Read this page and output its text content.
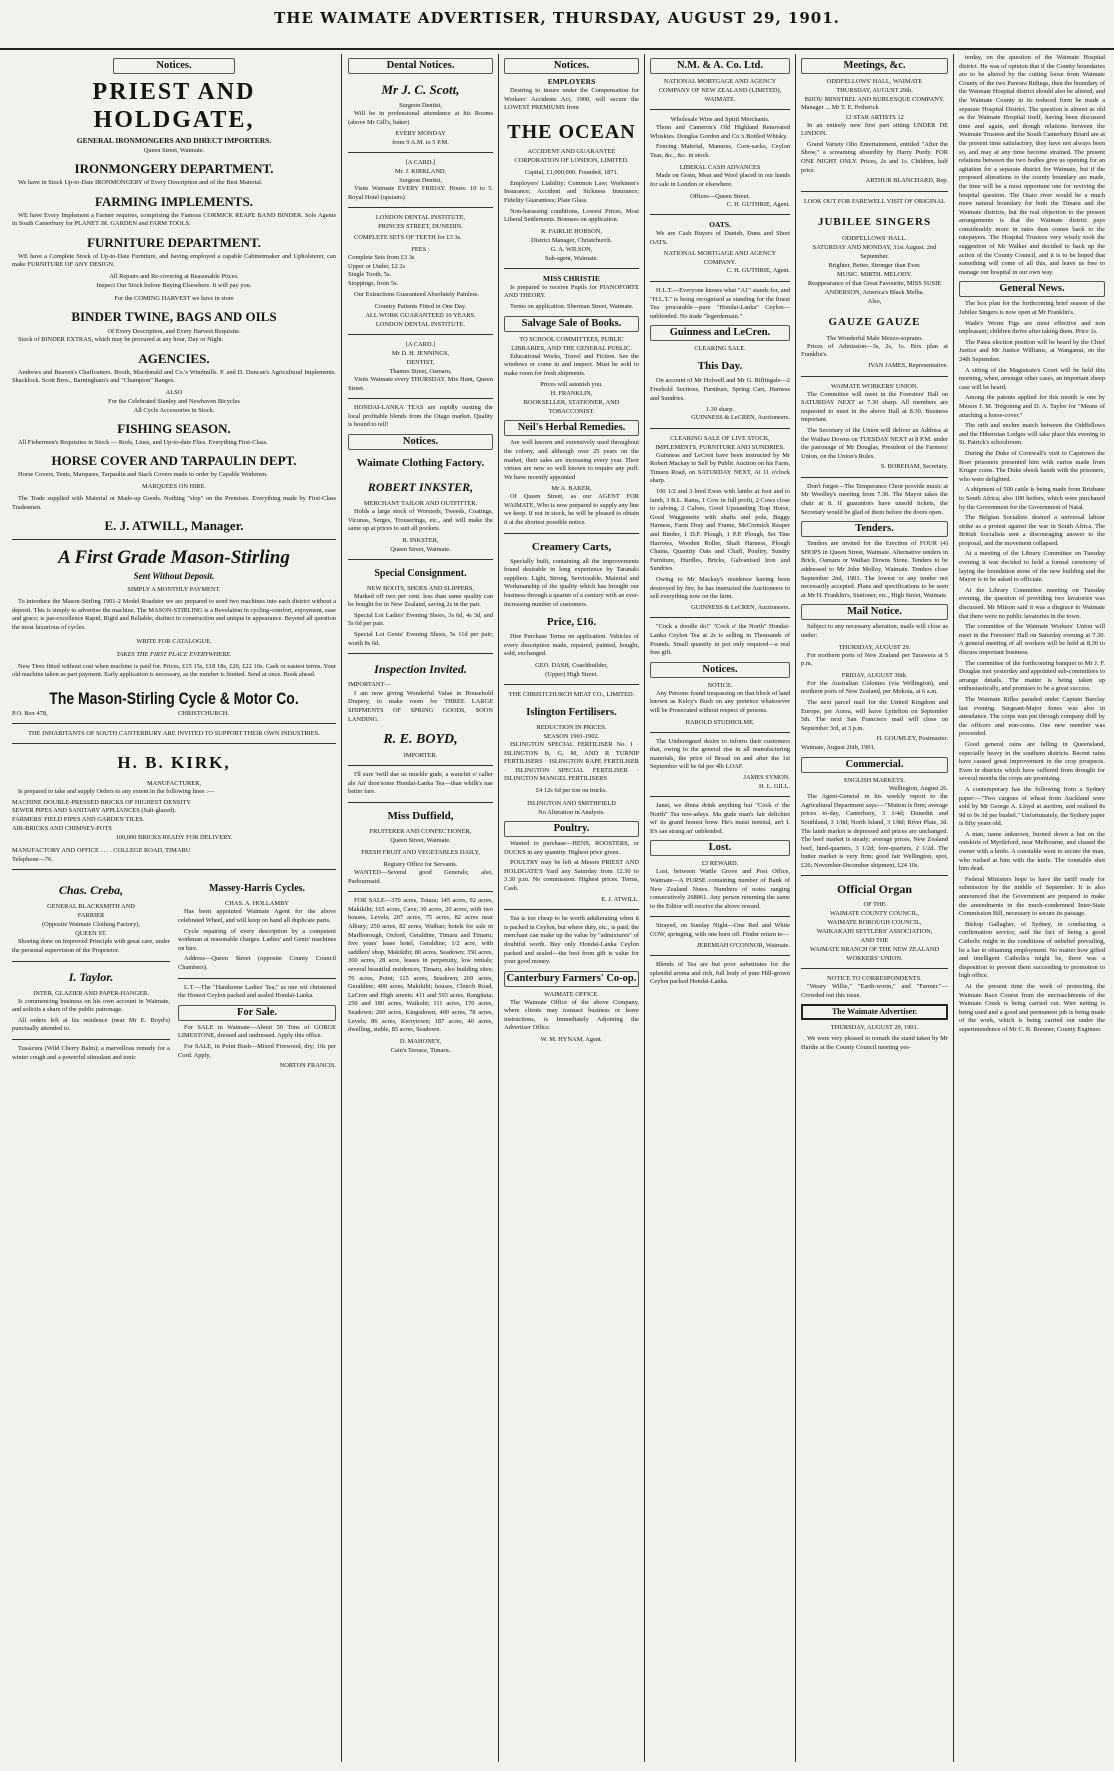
THE WAIMATE ADVERTISER, THURSDAY, AUGUST 29, 1901.
Notices.
PRIEST AND HOLDGATE,
GENERAL IRONMONGERS AND DIRECT IMPORTERS.
Queen Street, Waimate.
IRONMONGERY DEPARTMENT.
We have in Stock Up-to-Date IRONMONGERY of Every Description and of the Best Material.
FARMING IMPLEMENTS.
WE have Every Implement a Farmer requires, comprising the Famous CORMICK REAPE BAND BINDER. Sole Agents in South Canterbury for PLANET JR. GARDEN and FARM TOOLS.
FURNITURE DEPARTMENT.
WE have a Complete Stock of Up-to-Date Furniture, and having employed a capable Cabinetmaker and Upholsterer, can make FURNITURE OF ANY DESIGN.
All Repairs and Re-covering at Reasonable Prices.
Inspect Our Stock before Buying Elsewhere. It will pay you.
For the COMING HARVEST we have in store
BINDER TWINE, BAGS AND OILS
Of Every Description, and Every Harvest Requisite.
Stock of BINDER EXTRAS, which may be procured at any hour, Day or Night.
AGENCIES.
Andrews and Beaven's Chaffcutters. Booth, Macdonald and Co.'s Windmills. P. and D. Duncan's Agricultural Implements. Shacklock. Scott Bros., Barningham's and "Champion" Ranges.
ALSO
For the Celebrated Stanley and Newhaven Bicycles
All Cycle Accessories in Stock.
FISHING SEASON.
All Fishermen's Requisites in Stock — Rods, Lines, and Up-to-date Flies. Everything First-Class.
HORSE COVER AND TARPAULIN DEPT.
Horse Covers, Tents, Marquees, Tarpaulin and Stack Covers made to order by Capable Workmen.
MARQUEES ON HIRE.
The Trade supplied with Material or Made-up Goods. Nothing "slop" on the Premises. Everything made by First-Class Tradesmen.
E. J. ATWILL, Manager.
A First Grade Mason-Stirling
Sent Without Deposit.
SIMPLY A MONTHLY PAYMENT.
To introduce the Mason-Stirling 1901-2 Model Roadster we are prepared to send two machines into each district without a deposit. This is simply to advertise the machine. The MASON-STIRLING is a Revelation in cycling-comfort, enjoyment, ease and grace; is par-excellence Rapid, Rigid and Reliable; distinct in construction and unique in appearance. Beyond all question the most luxurious of cycles.
WRITE FOR CATALOGUE.
TAKES THE FIRST PLACE EVERYWHERE.
New Tires fitted without cost when machine is paid for. Prices, £15 15s, £18 18s, £20, £22 10s. Cash or easiest terms. Your old machine taken as part payment. Early application is necessary, as the number is limited. Send at once. Book ahead.
The Mason-Stirling Cycle & Motor Co.
P.O. Box 478,	CHRISTCHURCH.
THE INHABITANTS OF SOUTH CANTERBURY ARE INVITED TO SUPPORT THEIR OWN INDUSTRIES.
H. B. KIRK,
MANUFACTURER,
Is prepared to take and supply Orders to any extent in the following lines :—
MACHINE DOUBLE-PRESSED BRICKS OF HIGHEST DENSITY.
SEWER PIPES AND SANITARY APPLIANCES (Salt-glazed).
FARMERS' FIELD PIPES AND GARDEN TILES.
AIR-BRICKS AND CHIMNEY-POTS
100,000 BRICKS READY FOR DELIVERY.
MANUFACTORY AND OFFICE . . . . COLLEGE ROAD, TIMARU
Telephone—76.
Chas. Creba,
GENERAL BLACKSMITH AND
FARRIER
(Opposite Waimate Clothing Factory),
QUEEN ST.
Shoeing done on Improved Principle with great care, under the personal supervision of the Proprietor.
I. Taylor.
INTER, GLAZIER AND PAPER-HANGER.
Is commencing business on his own account in Waimate, and solicits a share of the public patronage.
All orders left at his residence (near Mr E. Boyd's) punctually attended to.
Tussicura (Wild Cherry Balm); a marvellous remedy for a winter cough and a powerful stimulant and tonic
Massey-Harris Cycles.
CHAS. A. HOLLAMBY
Has been appointed Waimate Agent for the above celebrated Wheel, and will keep on hand all duplicate parts.
Cycle repairing of every description by a competent workman at reasonable charges. Ladies' and Gents' machines on hire.
Address—Queen Street (opposite County Council Chambers).
L.T.—The "Handsome Ladies' Tea," as one wit christened the Honest Ceylon packed and sealed Hondai-Lanka.
For Sale.
For SALE in Waimate—About 50 Tons of GORGE LIMESTONE, dressed and undressed. Apply this office.
For SALE, in Point Bush—Mixed Firewood, dry; 10s per Cord. Apply,
NORTON FRANCIS.
Dental Notices.
Mr J. C. Scott,
Surgeon Dentist,
Will be in professional attendance at his Rooms (above Mr Gill's, baker)
EVERY MONDAY
from 9 A.M. to 5 P.M.
[A CARD.]
Mr. J. KIRKLAND,
Surgeon Dentist,
Visits Waimate EVERY FRIDAY. Hours: 10 to 5. Royal Hotel (upstairs).
LONDON DENTAL INSTITUTE,
PRINCES STREET, DUNEDIN.
COMPLETE SETS OF TEETH for £3 3s.
FEES :
Complete Sets from £3 3s
Upper or Under, £2 2s
Single Tooth, 5s.
Stoppings, from 5s.
Our Extractions Guaranteed Absolutely Painless.
Country Patients Fitted in One Day.
ALL WORK GUARANTEED 10 YEARS.
LONDON DENTAL INSTITUTE.
[A CARD.]
Mr D. H. JENNINGS,
DENTIST,
Thames Street, Oamaru,
Visits Waimate every THURSDAY. Mrs Hunt, Queen Street.
HONDAI-LANKA TEAS are rapidly ousting the local profitable blends from the Otago market. Quality is bound to tell!
Notices.
Waimate Clothing Factory.
ROBERT INKSTER,
MERCHANT TAILOR AND OUTFITTER.
Holds a large stock of Worsteds, Tweeds, Coatings, Vicunas, Serges, Trouserings, etc., and will make the same up at prices to suit all pockets.
R. INKSTER,
Queen Street, Waimate.
Special Consignment.
NEW BOOTS, SHOES AND SLIPPERS,
Marked off two per cent. less than same quality can be bought for in New Zealand, saving 2s in the pair.
Special Lot Ladies' Evening Shoes, 3s 6d, 4s 3d, and 5s 6d per pair.
Special Lot Gents' Evening Shoes, 5s 11d per pair; worth 8s 6d.
Inspection Invited.
IMPORTANT—
I am now giving Wonderful Value in Household Drapery, to make room for THREE LARGE SHIPMENTS OF SPRING GOODS, SOON LANDING.
R. E. BOYD,
IMPORTER.
I'll sure 'twill dae us muckle gude, a wauchit o' caller ale An' thon'some Hondai-Lanka Tea—than whilk's nae better fare.
Miss Duffield,
FRUITERER AND CONFECTIONER,
Queen Street, Waimate.
FRESH FRUIT AND VEGETABLES DAILY,
Registry Office for Servants.
WANTED—Several good Generals; also, Parlourmaid.
FOR SALE—370 acres, Totara; 145 acres, 92 acres, Makikihi; 165 acres, Cave; 30 acres, 20 acres, with two houses, Levels; 207 acres, 75 acres, 82 acres near Albury; 250 acres, 82 acres, Waihao; hotels for sale in Marlborough, Oxford, Geraldine, Timaru and Timaru; five years' lease hotel, Geraldine; 1/2 acre, with saddlers' shop, Makikihi; 80 acres, Seadown; 350 acres, 360 acres, 28 acre, leases in perpetuity, low rentals; several beautiful residences, Timaru, also building sites; 76 acres, Point; 115 acres, Seadown; 269 acres, Geraldine; 400 acres, Makikihi; houses, Church Road, LeCren and High streets; 411 and 593 acres, Rangitata; 250 and 180 acres, Waikohi; 111 acres, 170 acres, Seadown; 260 acres, Kingsdown; 400 acres, 78 acres, Levels; 86 acres, Kerrytown; 187 acres, 40 acres, dwelling, stable, 85 acres, Seadown.
D. MAHONEY,
Cain's Terrace, Timaru.
Notices.
EMPLOYERS
Desiring to insure under the Compensation for Workers' Accidents Act, 1900, will secure the LOWEST PREMIUMS from
THE OCEAN
ACCIDENT AND GUARANTEE
CORPORATION OF LONDON, LIMITED.
Capital, £1,000,000. Founded, 1871.
Employers' Liability; Common Law; Workmen's Insurance; Accident and Sickness Insurance; Fidelity Guarantees; Plate Glass.
Non-harassing conditions, Lowest Prices, Most Liberal Settlements. Bonuses on application.
R. FAIRLIE HOBSON,
District Manager, Christchurch.
G. A. WILSON,
Sub-agent, Waimate.
MISS CHRISTIE
Is prepared to receive Pupils for PIANOFORTE AND THEORY.
Terms on application. Sherman Street, Waimate.
Salvage Sale of Books.
TO SCHOOL COMMITTEES, PUBLIC LIBRARIES, AND THE GENERAL PUBLIC.
Educational Works, Travel and Fiction. See the windows or come in and inspect. Must be sold to make room for fresh shipments.
Prices will astonish you.
H. FRANKLIN,
BOOKSELLER, STATIONER, AND TOBACCONIST.
Neil's Herbal Remedies.
Are well known and extensively used throughout the colony, and although over 25 years on the market, their sales are increasing every year. Their virtues are now so well known to require any puff. We have recently appointed
Mr A. BAKER,
Of Queen Street, as our AGENT FOR WAIMATE, Who is now prepared to supply any line we keep. If not in stock, he will be pleased to obtain it at the shortest possible notice.
Creamery Carts,
Specially built, containing all the improvements found desirable in long experience by Taranaki suppliers. Light, Strong, Serviceable. Material and Workmanship of the quality which has brought our business through a quarter of a century with an ever-increasing number of customers.
Price, £16.
Hire Purchase Terms on application. Vehicles of every description made, repaired, painted, bought, sold, exchanged.
GEO. DASH, Coachbuilder,
(Upper) High Street.
THE CHRISTCHURCH MEAT CO., LIMITED.
Islington Fertilisers.
REDUCTION IN PRICES.
SEASON 1901-1902.
ISLINGTON SPECIAL FERTILISER No. 1 · ISLINGTON B, G, M, AND R TURNIP FERTILISERS · ISLINGTON RAPE FERTILISER · ISLINGTON SPECIAL FERTILISER · ISLINGTON MANGEL FERTILISERS
£4 12s 6d per ton on trucks.
ISLINGTON AND SMITHFIELD
No Alteration in Analysis.
Poultry.
Wanted to purchase—HENS, ROOSTERS, or DUCKS in any quantity. Highest price given.
POULTRY may be left at Messrs PRIEST AND HOLDGATE'S Yard any Saturday from 12.30 to 3.30 p.m. No commission. Highest prices. Terms, Cash.
E. J. ATWILL.
Tea is too cheap to be worth adulterating when it is packed in Ceylon, but where duty, etc., is paid, the merchant can make up the value by "admixtures" of doubtful worth. Buy only Hondai-Lanka Ceylon packed and sealed—the best from gift is value for your good money.
Canterbury Farmers' Co-op.
WAIMATE OFFICE.
The Waimate Office of the above Company, where clients may transact business or leave instructions, is Immediately Adjoining the Advertiser Office.
W. M. HYNAM, Agent.
N.M. & A. Co. Ltd.
NATIONAL MORTGAGE AND AGENCY COMPANY OF NEW ZEALAND (LIMITED), WAIMATE.
Wholesale Wine and Spirit Merchants.
Thom and Cameron's Old Highland Renovated Whiskies. Douglas Gordon and Co.'s Bottled Whisky.
Fencing Material, Manures, Corn-sacks, Ceylon Teas, &c., &c. in stock.
LIBERAL CASH ADVANCES
Made on Grain, Meat and Wool placed in our hands for sale in London or elsewhere.
Offices—Queen Street.
C. H. GUTHRIE, Agent.
OATS.
We are Cash Buyers of Danish, Duns and Short OATS.
NATIONAL MORTGAGE AND AGENCY COMPANY.
C. H. GUTHRIE, Agent.
H.L.T.—Everyone knows what "A1" stands for, and "H.L.T." is being recognised as standing for the finest Tea procurable—pure "Hondai-Lanka" Ceylon—unblended. No trade "legerdemain."
Guinness and LeCren.
CLEARING SALE.
This Day.
On account of Mr Holwell and Mr G. Riffingale—2 Freehold Sections, Furniture, Spring Cart, Harness and Sundries.
1.30 sharp.
GUINNESS & LeCREN, Auctioneers.
CLEARING SALE OF LIVE STOCK, IMPLEMENTS, FURNITURE AND SUNDRIES.
Guinness and LeCren have been instructed by Mr Robert Mackay to Sell by Public Auction on his Farm, Timaru Road, on SATURDAY NEXT, At 11 o'clock sharp.
100 1/2 and 3 bred Ewes with lambs at foot and to lamb, 3 B.L. Rams, 1 Cow in full profit, 2 Cows close to calving, 2 Calves, Good Upstanding Trap Horse, Good Waggonette with shafts and pole, Buggy Harness, Farm Dray and Frame, McCormick Reaper and Binder, 1 D.F. Plough, 1 P.P. Plough, Set Tine Harrows, Wooden Roller, Shaft Harness, Plough Chains, Quantity Oats and Chaff, Poultry, Sundry Furniture, Hurdles, Bricks, Galvanised Iron and Sundries.
Owing to Mr Mackay's residence having been destroyed by fire, he has instructed the Auctioneers to sell everything now on the farm.
GUINNESS & LeCREN, Auctioneers.
"Cock a doodle do!" "Cock o' the North" Hondai-Lanka Ceylon Tea at 2s is selling in Thousands of Pounds. Small quantity in pot only required—a real free gift.
Notices.
NOTICE.
Any Persons found trespassing on that block of land known as Kelcy's Bush on any pretence whatsoever will be Prosecuted without respect of persons.
HAROLD STUDHOLME.
The Undersigned desire to inform their customers that, owing to the general rise in all manufacturing materials, the price of Bread on and after the 1st September will be 6d per 4lb LOAF.
JAMES SYMON.
H. L. GILL.
Janet, we dinna drink anything but "Cock o' the North" Tea noo-adays. Ma gude man's fair delichtet wi' its grand honest brew. He's maist teetotal, an't I. It's sae strang an' unblended.
Lost.
£3 REWARD.
Lost, between Wattle Grove and Post Office, Waimate—A PURSE containing number of Bank of New Zealand Notes. Numbers of notes ranging consecutively 268861. Any person returning the same to the Editor will receive the above reward.
Strayed, on Sunday Night—One Red and White COW, springing, with one horn off. Finder return to—
JEREMIAH O'CONNOR, Waimate.
Blends of Tea are but poor substitutes for the splendid aroma and rich, full body of pure Hill-grown Ceylon packed Hondai-Lanka.
Meetings, &c.
ODDFELLOWS' HALL, WAIMATE
THURSDAY, AUGUST 29th.
BIJOU MINSTREL AND BURLESQUE COMPANY.
Manager ... Mr T. E. Petherick
12 STAR ARTISTS 12
In an entirely new first part sitting UNDER DE LINDON.
Grand Variety Olio Entertainment, entitled "After the Show," a screaming absurdity by Harry Purdy. FOR ONE NIGHT ONLY. Prices, 2s and 1s. Children, half price.
ARTHUR BLANCHARD, Rep.
LOOK OUT FOR FAREWELL VISIT OF ORIGINAL
JUBILEE SINGERS
ODDFELLOWS' HALL.
SATURDAY AND MONDAY, 31st August. 2nd September.
Brighter, Better, Stronger than Ever.
MUSIC. MIRTH. MELODY.
Reappearance of that Great Favourite, MISS SUSIE ANDERSON, America's Black Melba.
Also,
GAUZE GAUZE
The Wonderful Male Mezzo-soprano.
Prices of Admission—3s, 2s, 1s. Box plan at Franklin's.
IVAN JAMES, Representative.
WAIMATE WORKERS' UNION.
The Committee will meet in the Foresters' Hall on SATURDAY NEXT at 7.30 sharp. All members are requested to meet in the above Hall at 8.30. Business important.
The Secretary of the Union will deliver an Address at the Waihao Downs on TUESDAY NEXT at 8 P.M. under the patronage of Mr Douglas, President of the Farmers' Union, on the Union's Rules.
S. BOREHAM, Secretary.
Don't forget—The Temperance Choir provide music at Mr Woolley's meeting from 7.30. The Mayor takes the chair at 8. If guarantors have unsold tickets, the Secretary would be glad of them before the doors open.
Tenders.
Tenders are invited for the Erection of FOUR (4) SHOPS in Queen Street, Waimate. Alternative tenders in Brick, Oamaru or Waihao Downs Stone. Tenders to be addressed to Mr John Molloy, Waimate. Tenders close September 2nd, 1901. The lowest or any tender not necessarily accepted. Plans and specifications to be seen at Mr H. Franklin's, Stationer, etc., High Street, Waimate.
Mail Notice.
Subject to any necessary alteration, mails will close as under:
THURSDAY, AUGUST 29.
For northern ports of New Zealand per Tarawera at 5 p.m.
FRIDAY, AUGUST 30th.
For the Australian Colonies (via Wellington), and northern ports of New Zealand, per Mokoia, at 6 a.m.
The next parcel mail for the United Kingdom and Europe, per Aorea, will leave Lyttelton on September 5th. The next San Francisco mail will close on September 3rd, at 3 p.m.
H. GOUMLEY, Postmaster.
Waimate, August 26th, 1901.
Commercial.
ENGLISH MARKETS.
Wellington, August 26.
The Agent-General in his weekly report to the Agricultural Department says:—"Mutton is firm; average prices to-day, Canterbury, 3 1/4d; Dunedin and Southland, 3 1/8d; North Island, 3 1/8d; River Plate, 3d. The lamb market is depressed and prices are unchanged. The beef market is steady; average prices, New Zealand beef, hind-quarters, 3 1/2d; fore-quarters, 2 1/2d. The butter market is very firm; good fair Wellington, spot, £26; November-December shipment, £24 10s.
Official Organ
OF THE
WAIMATE COUNTY COUNCIL,
WAIMATE BOROUGH COUNCIL,
WAIKAKAHI SETTLERS' ASSOCIATION,
AND THE
WAIMATE BRANCH OF THE NEW ZEALAND WORKERS' UNION.
NOTICE TO CORRESPONDENTS.
"Weary Willie," "Earth-worm," and "Farmer."—Crowded out this issue.
The Waimate Advertiser.
THURSDAY, AUGUST 29, 1901.
We were very pleased to remark the stand taken by Mr Hardie at the County Council meeting yes-
terday, on the question of the Waimate Hospital district. He was of opinion that if the County boundaries are to be altered by the cutting loose from Waimate County of the two Pareora Ridings, then the boundary of the Waimate Hospital district should also be altered, and the Waimate County in its reduced form be made a separate Hospital District. The question is almost as old as the Waimate Hospital itself, having been discussed time and again, and though relations between the Waimate Trustees and the South Canterbury Board are at the present time satisfactory, they have not always been so, and may at any time become strained. The present relations between the two bodies give us opening for an agitation for a separate district for Waimate, but if the proposed alterations to the county boundary are made, the time will be a most opportune one for reviving the hospital question. The Otaio river would be a much more natural boundary for both the Timaru and the Waimate districts, but the real objection to the present arrangements is that the Waimate district pays considerably more in rates than comes back to the ratepayers. The Hospital Trustees very wisely took the suggestion of Mr Walker and decided to back up the action of the County Council, and it is to be hoped that something will come of all this, and leave us free to manage our hospital in our own way.
General News.
The box plan for the forthcoming brief season of the Jubilee Singers is now open at Mr Franklin's.
Wade's Worm Figs are most effective and non unpleasant; children thrive after taking them. Price 1s.
The Patea election position will be heard by the Chief Justice and Mr Justice Williams, at Wanganui, on the 24th September.
A sitting of the Magistrate's Court will be held this morning, when, amongst other cases, an important sheep case will be heard.
Among the patents applied for this month is one by Messrs J. M. Tregoning and D. A. Taylor for "Means of attaching a horse-cover."
The orth and enchre match between the Oddfellows and the Hibernian Lodges will take place this evening in St. Patrick's schoolroom.
During the Duke of Cornwall's visit to Capetown the Boer prisoners presented him with curios made from Kruger coins. The Duke shook hands with the prisoners, who were delighted.
A shipment of 500 cattle is being made from Brisbane to South Africa; also 100 heifers, which were purchased by the Government for the Government of Natal.
The Belgian Socialists desired a universal labour strike as a protest against the war in South Africa. The British Socialists sent a discouraging answer to the proposal, and the movement collapsed.
At a meeting of the Library Committee on Tuesday evening it was decided to hold a formal ceremony of laying the foundation stone of the new building and the Mayor is to be asked to officiate.
At the Library Committee meeting on Tuesday evening, the question of providing two lavatories was discussed. Mr Mitson said it was a disgrace to Waimate that there were no public lavatories in the town.
The committee of the Waimate Workers' Union will meet in the Foresters' Hall on Saturday evening at 7.30. A general meeting of all workers will be held at 8.30 to discuss important business.
The committee of the forthcoming banquet to Mr J. F. Douglas met yesterday and appointed sub-committees to arrange details. The matter is being taken up enthusiastically, and promises to be a great success.
The Waimate Rifles paraded under Captain Barclay last evening. Sergeant-Major Jones was also in attendance. The corps was put through company drill by the officers and non-coms. One new member was proceeded.
Good general rains are falling in Queensland, especially heavy in the southern districts. Recent rains have caused great improvement in the crop prospects. Even in districts which have suffered from drought for several months the crops are promising.
A contemporary has the following from a Sydney paper:—"Two cargoes of wheat from Auckland were sold by Mr George A. Lloyd at auction, and realised 8s 9d to 9s 3d per bushel." Unfortunately, the Sydney paper is fifty years old.
A man, name unknown, burned down a hut on the outskirts of Myrtleford, near Melbourne, and chased the owner with a knife. A constable went to secure the man, who rushed at him with the knife. The constable shot him dead.
Federal Ministers hope to have the tariff ready for submission by the middle of September. It is also announced that the Government are prepared to make the amendments in the much-condemned Inter-State Commission Bill, necessary to secure its passage.
Bishop Gallagher, of Sydney, in conducting a confirmation service, said the fact of being a good Catholic might in the conditions of unbelief prevailing, be a bar to obtaining employment. No matter how gifted and intelligent Catholics might be, there was a disposition to prevent them succeeding to promotion to high office.
At the present time the work of protecting the Waimate Race Course from the encroachments of the Waimate Creek is being carried out. Wire netting is being used and a good and permanent job is being made of the work, which is being carried out under the superintendence of Mr C. B. Brenner, County Engineer.
